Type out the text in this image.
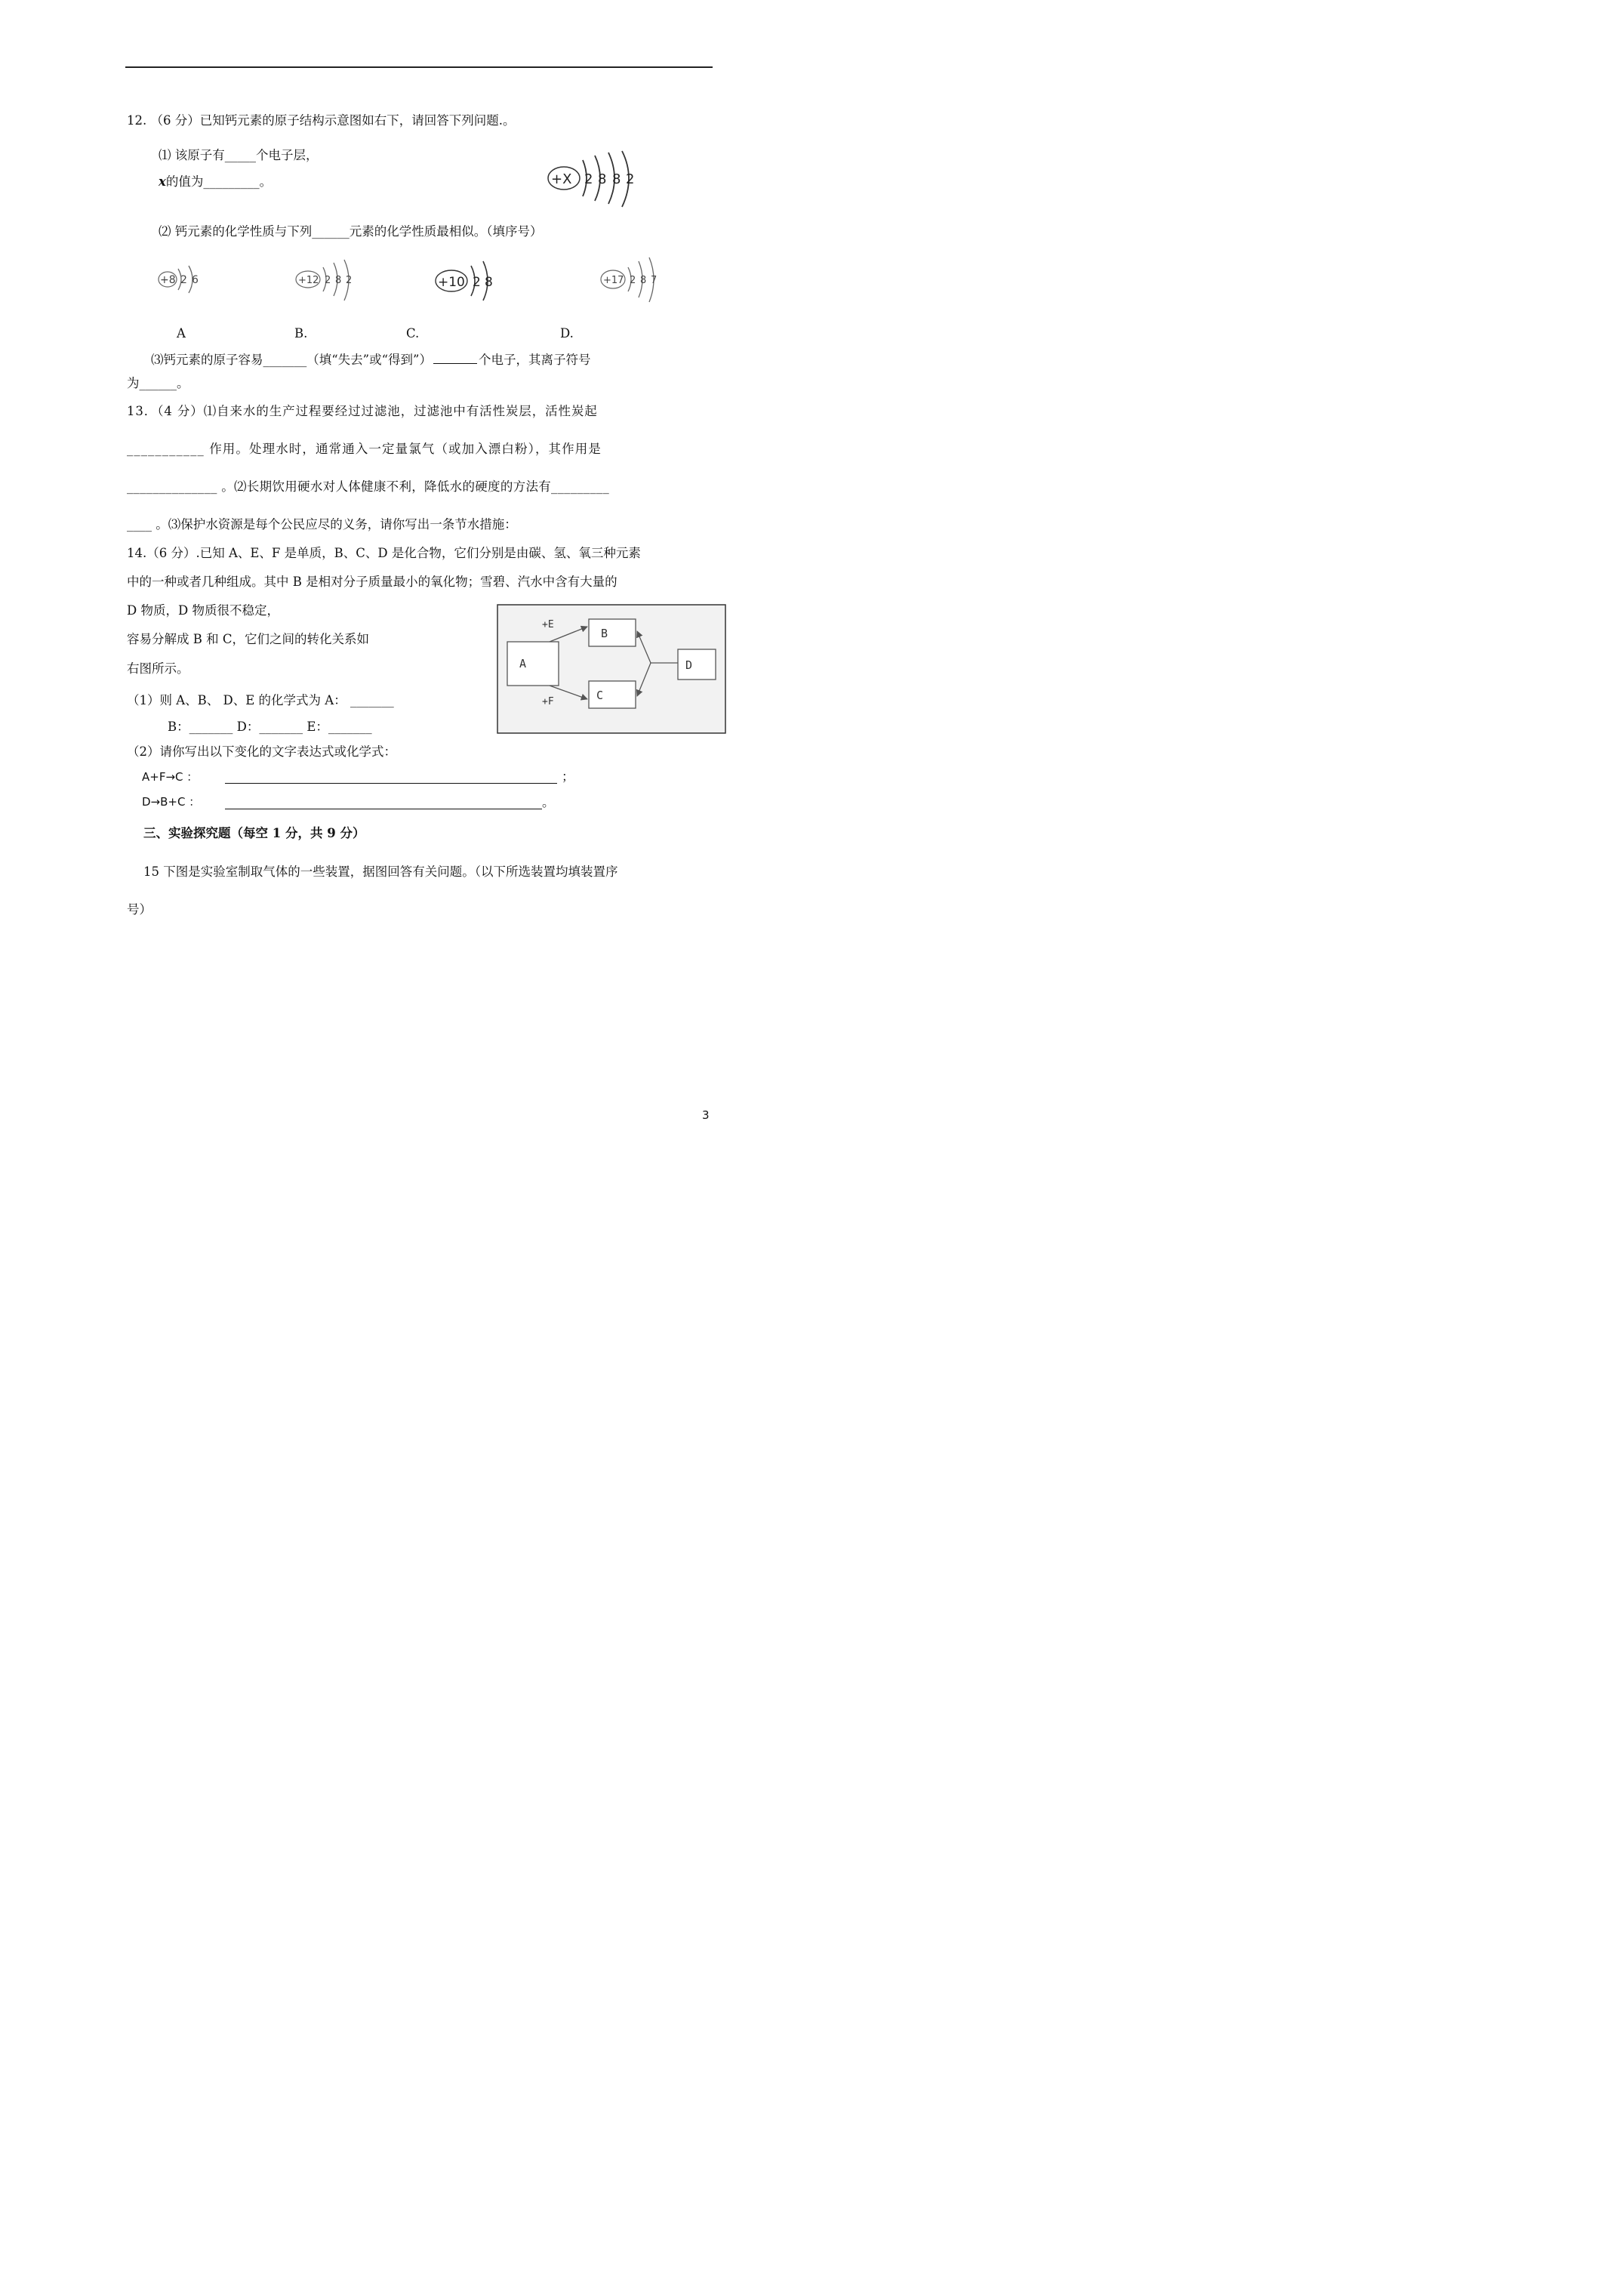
12. （6 分）已知钙元素的原子结构示意图如右下，请回答下列问题.。
⑴ 该原子有_____个电子层，
x的值为_________。	+X 2 8 8 2
⑵ 钙元素的化学性质与下列______元素的化学性质最相似。（填序号）
+8 2 6	+12 2 8 2	+10 2 8	+17 2 8 7
A	B.	C.	D.
⑶钙元素的原子容易_______（填“失去”或“得到”）	个电子，其离子符号
为______。
13．（4 分）⑴自来水的生产过程要经过过滤池，过滤池中有活性炭层，活性炭起
___________ 作用。处理水时，通常通入一定量氯气（或加入漂白粉），其作用是
______________ 。⑵长期饮用硬水对人体健康不利，降低水的硬度的方法有_________
____ 。⑶保护水资源是每个公民应尽的义务，请你写出一条节水措施：
14.（6 分）.已知 A、E、F 是单质，B、C、D 是化合物，它们分别是由碳、氢、氧三种元素
中的一种或者几种组成。其中 B 是相对分子质量最小的氧化物；雪碧、汽水中含有大量的
D 物质，D 物质很不稳定，
容易分解成 B 和 C，它们之间的转化关系如
右图所示。	A
B
C
D
+E
+F
（1）则 A、B、 D、E 的化学式为 A： _______
B：_______ D：_______ E：_______
（2）请你写出以下变化的文字表达式或化学式：
A+F→C ：	；
D→B+C ：	。
三、实验探究题（每空 1 分，共 9 分）
15 下图是实验室制取气体的一些装置，据图回答有关问题。（以下所选装置均填装置序
号）
3
